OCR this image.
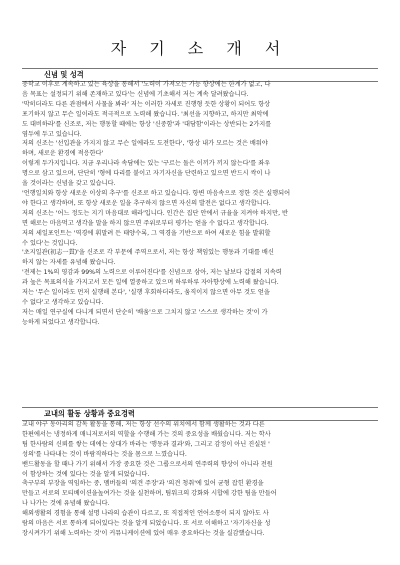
자 기 소 개 서
신념 및 성격
중학교 이후로 계속하고 있는 육상을 통해서 '노력이 가져오는 가능 향상에는 한계가 없고, 다
음 목표는 설정되기 위해 존재하고 있다'는 신념에 기초해서 저는 계속 달려왔습니다.
'막히더라도 다른 관점에서 사물을 봐라' 저는 이러한 자세로 진행형 듯한 상황이 되어도 항상
포기하지 않고 무슨 일이라도 적극적으로 노력해 왔습니다. '최선을 지향하고, 하지만 최악에
도 대비하라'를 신조로, 저는 행동할 때에는 항상 '신중함'과 '대담함'이라는 상반되는 2가지를
염두에 두고 있습니다.
저의 신조는 '선입관을 가지지 않고 무슨 일에라도 도전한다', '항상 내가 모르는 것은 배워야
하며, 새로운 환경에 적응한다'
이렇게 두가지입니다. 지금 우리나라 속담에는 있는 '구르는 돌은 이끼가 끼지 않는다'를 좌우
명으로 삼고 있으며, 단단히 '형에 다리를 붙이고 자기자신을 단련하고 있으면 반드시 싹이 나
올 것이라는 신념을 갖고 있습니다.
'언행일치와 항상 새로운 이상의 추구'를 신조로 하고 있습니다. 항변 마음속으로 정한 것은 실행되어
야 한다고 생각하며, 또 항상 새로운 일을 추구하지 않으면 자신의 발전은 없다고 생각합니다.
저의 신조는 '어느 정도는 지기 마음대로 해라'입니다. 인간은 집단 안에서 규율을 지켜야 하지만, 반
면 해로는 마음먹고 생각을 말을 하지 않으면 주위로부터 평가는 얻을 수 없다고 생각합니다.
저의 세일포인트는 '역경에 휘말려 든 태양수록, 그 역경을 기반으로 하여 새로운 힘을 발휘할
수 있다'는 것입니다.
'초지일관(初志一貫)'을 신조로 각 부문에 주역으로서, 저는 항상 책임있는 행동과 기대를 배신
하지 않는 자세를 유념해 왔습니다.
'전제는 1%의 영감과 99%의 노력으로 이루어진다'를 신념으로 삼아, 저는 날보다 갑절의 지속력
과 높은 목표의식을 가지고서 모든 일에 열중하고 있으며 하루하루 자아향상에 노력해 왔습니다.
저는 '무슨 일이라도 먼저 실행해 본다', '실행 후회하더라도, 움직이지 않으면 아무 것도 얻을
수 없다'고 생각하고 있습니다.
저는 매일 연구실에 다니게 되면서 단순히 '배움'으로 그치지 않고 '스스로 생각하는 것'이 가
능하게 되었다고 생각합니다.
교내의 활동 상황과 중요경력
교내 야구 동아리의 감독 활동을 통해, 저는 항상 선수의 위치에서 함께 생활하는 것과 다른
한편에서는 냉정하게 매니저로서의 역할을 수행해 가는 것의 중요성을 배웠습니다. 저는 학사
팀 한사람의 신뢰를 쌓는 데에는 상대가 바라는 '행동과 결과'와, 그리고 감정이 아닌 진실된 '
성의'를 나타내는 것이 바람직하다는 것을 몸으로 느꼈습니다.
밴드활동을 할 때나 가기 위해서 가장 중요한 것은 그룹으로서의 연주력의 향상이 아니라 전원
이 함상하는 것에 있다는 것을 알게 되었습니다.
축구부의 부장을 역임하는 중, 멤버들의 '의견 주장'과 '의견 청취'에 있어 균형 잡힌 환경을
만들고 서로의 모티베이션을높여가는 것을 실천하며, 팀워크의 강화와 시합에 강한 팀을 만들어
나 나가는 것에 유념해 왔습니다.
해외생활의 경험을 통해 설명 나라의 습관이 다르고, 또 직접적인 언어소통이 되지 않아도 사
람의 마음은 서로 통하게 되어있다는 것을 알게 되었습니다. 또 서로 이해하고 '자기자신을 성
장시켜가기 위해 노력하는 것'이 커뮤니케이션에 있어 매우 중요하다는 것을 실감했습니다.
